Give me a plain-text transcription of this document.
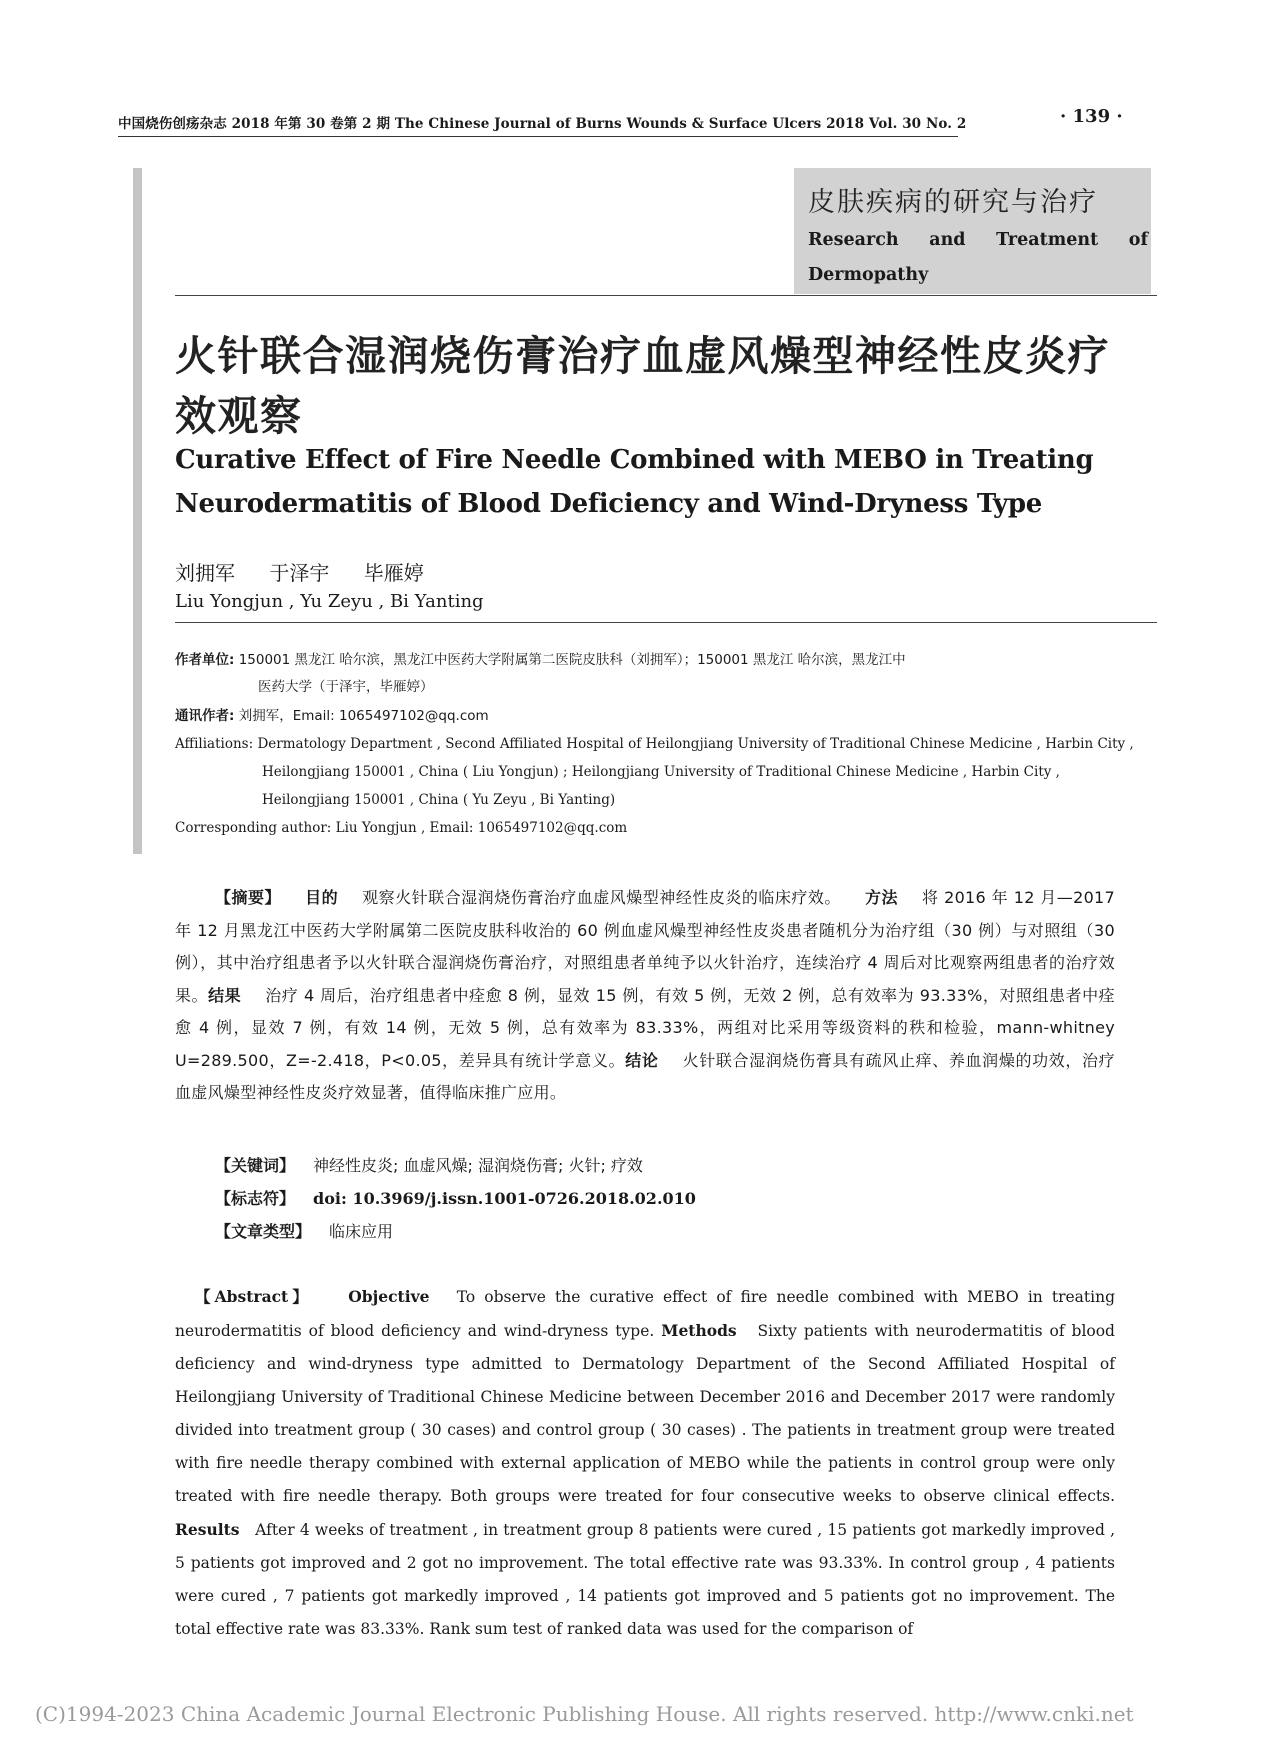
中国烧伤创疡杂志 2018 年第 30 卷第 2 期 The Chinese Journal of Burns Wounds & Surface Ulcers 2018 Vol. 30 No. 2	· 139 ·
皮肤疾病的研究与治疗
Research and Treatment of Dermopathy
火针联合湿润烧伤膏治疗血虚风燥型神经性皮炎疗效观察
Curative Effect of Fire Needle Combined with MEBO in Treating Neurodermatitis of Blood Deficiency and Wind-Dryness Type
刘拥军 于泽宇 毕雁婷
Liu Yongjun , Yu Zeyu , Bi Yanting
作者单位: 150001 黑龙江 哈尔滨，黑龙江中医药大学附属第二医院皮肤科（刘拥军）；150001 黑龙江 哈尔滨，黑龙江中
医药大学（于泽宇，毕雁婷）
通讯作者: 刘拥军，Email: 1065497102@qq.com
Affiliations: Dermatology Department , Second Affiliated Hospital of Heilongjiang University of Traditional Chinese Medicine , Harbin City ,
Heilongjiang 150001 , China ( Liu Yongjun) ; Heilongjiang University of Traditional Chinese Medicine , Harbin City ,
Heilongjiang 150001 , China ( Yu Zeyu , Bi Yanting)
Corresponding author: Liu Yongjun , Email: 1065497102@qq.com
【摘要】 目的 观察火针联合湿润烧伤膏治疗血虚风燥型神经性皮炎的临床疗效。 方法 将 2016 年 12 月—2017 年 12 月黑龙江中医药大学附属第二医院皮肤科收治的 60 例血虚风燥型神经性皮炎患者随机分为治疗组（30 例）与对照组（30 例），其中治疗组患者予以火针联合湿润烧伤膏治疗，对照组患者单纯予以火针治疗，连续治疗 4 周后对比观察两组患者的治疗效果。结果 治疗 4 周后，治疗组患者中痊愈 8 例，显效 15 例，有效 5 例，无效 2 例，总有效率为 93.33%，对照组患者中痊愈 4 例，显效 7 例，有效 14 例，无效 5 例，总有效率为 83.33%，两组对比采用等级资料的秩和检验，mann-whitney U=289.500，Z=-2.418，P<0.05，差异具有统计学意义。结论 火针联合湿润烧伤膏具有疏风止痒、养血润燥的功效，治疗血虚风燥型神经性皮炎疗效显著，值得临床推广应用。
【关键词】 神经性皮炎; 血虚风燥; 湿润烧伤膏; 火针; 疗效
【标志符】 doi: 10.3969/j.issn.1001-0726.2018.02.010
【文章类型】 临床应用
【Abstract】 Objective To observe the curative effect of fire needle combined with MEBO in treating neurodermatitis of blood deficiency and wind-dryness type. Methods Sixty patients with neurodermatitis of blood deficiency and wind-dryness type admitted to Dermatology Department of the Second Affiliated Hospital of Heilongjiang University of Traditional Chinese Medicine between December 2016 and December 2017 were randomly divided into treatment group ( 30 cases) and control group ( 30 cases) . The patients in treatment group were treated with fire needle therapy combined with external application of MEBO while the patients in control group were only treated with fire needle therapy. Both groups were treated for four consecutive weeks to observe clinical effects. Results After 4 weeks of treatment , in treatment group 8 patients were cured , 15 patients got markedly improved , 5 patients got improved and 2 got no improvement. The total effective rate was 93.33%. In control group , 4 patients were cured , 7 patients got markedly improved , 14 patients got improved and 5 patients got no improvement. The total effective rate was 83.33%. Rank sum test of ranked data was used for the comparison of
(C)1994-2023 China Academic Journal Electronic Publishing House. All rights reserved. http://www.cnki.net
